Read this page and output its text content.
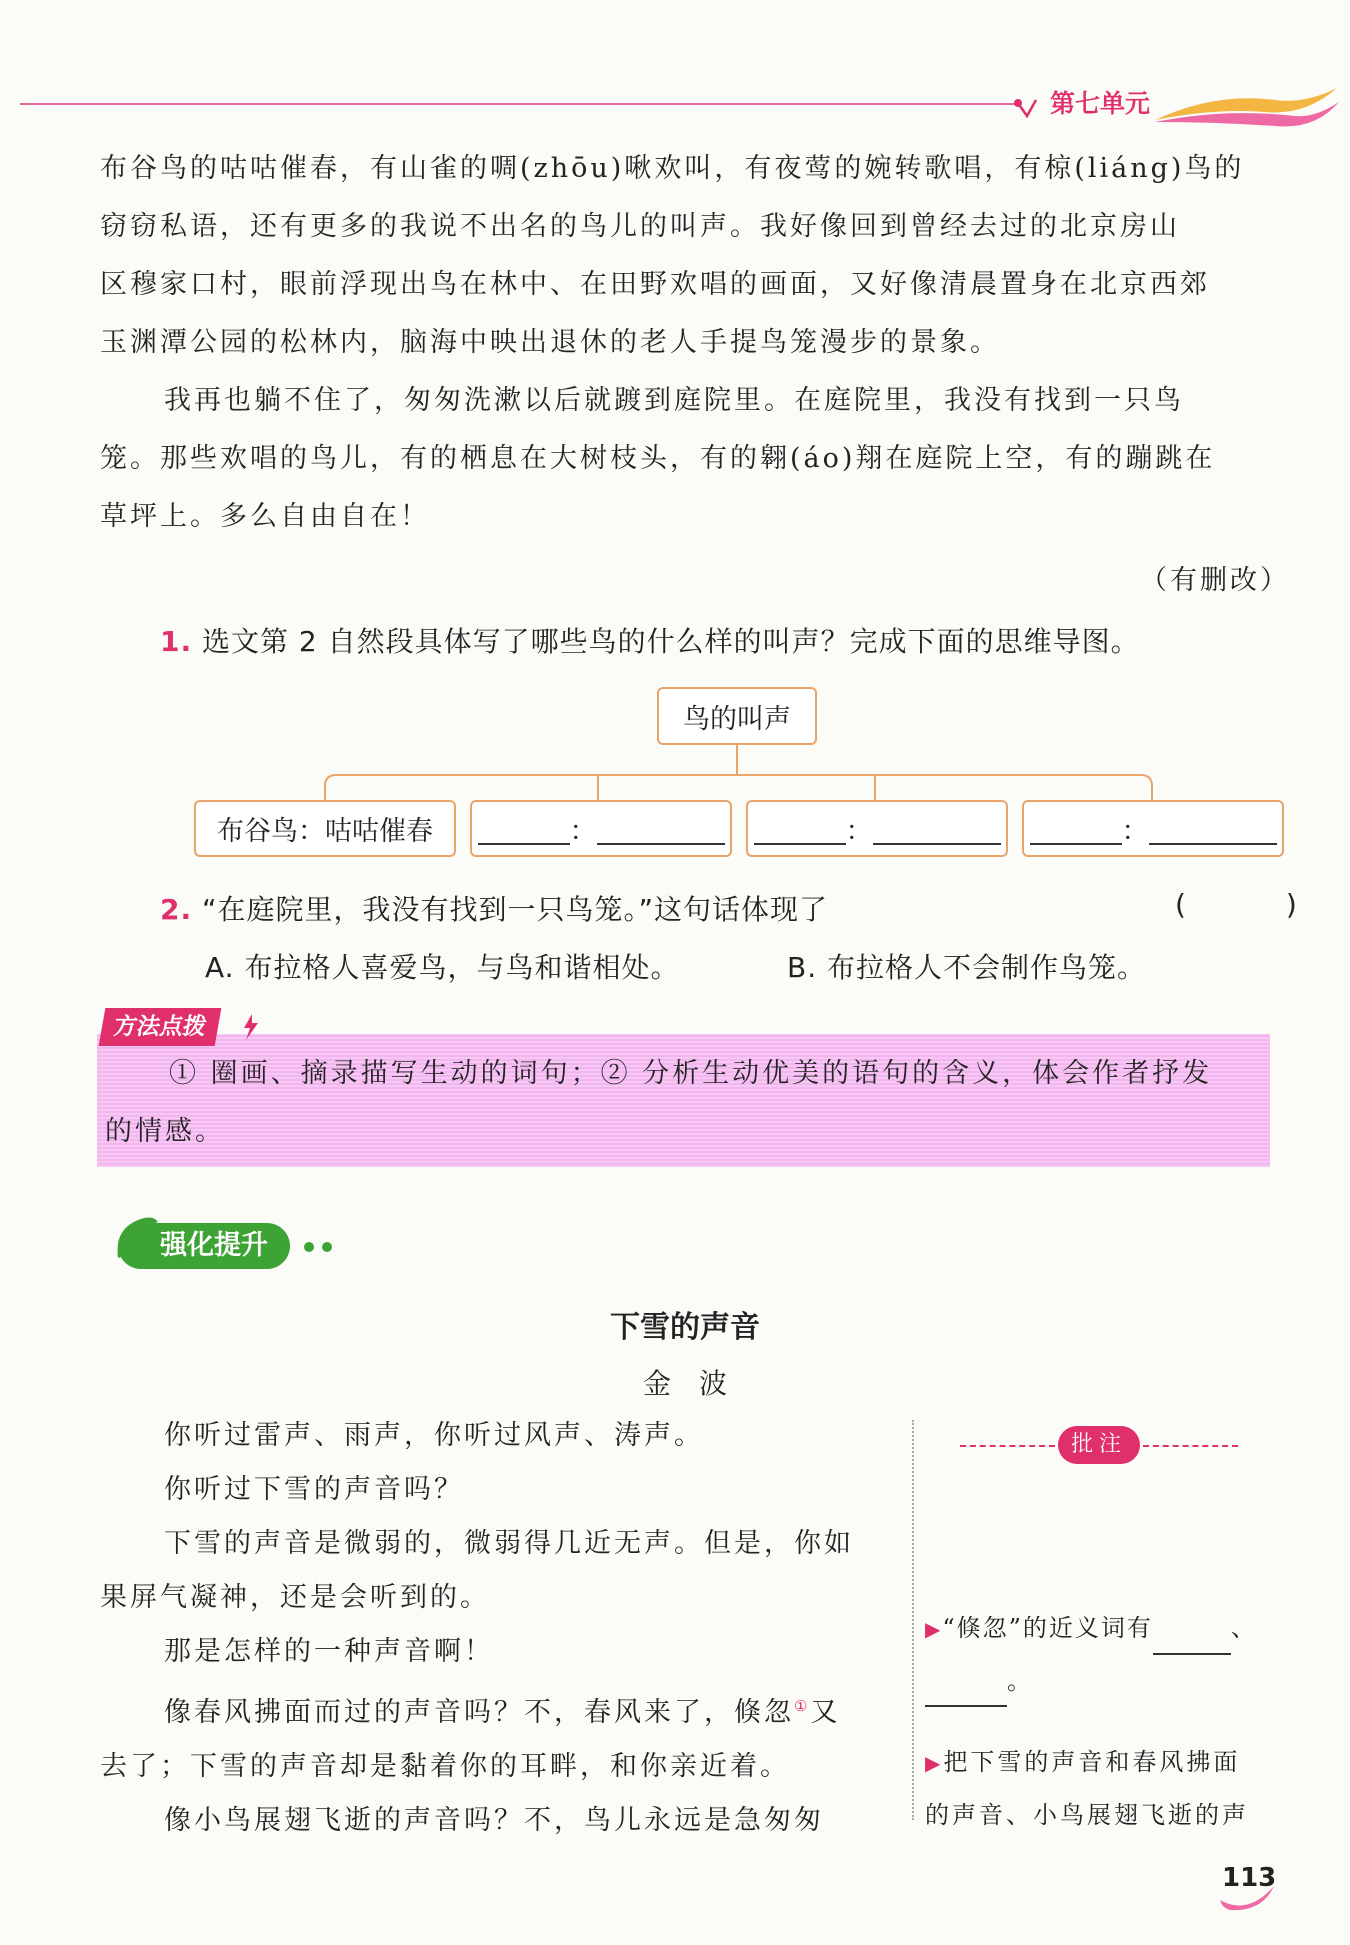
第七单元
布谷鸟的咕咕催春，有山雀的啁(zhōu)啾欢叫，有夜莺的婉转歌唱，有椋(liáng)鸟的
窃窃私语，还有更多的我说不出名的鸟儿的叫声。我好像回到曾经去过的北京房山
区穆家口村，眼前浮现出鸟在林中、在田野欢唱的画面，又好像清晨置身在北京西郊
玉渊潭公园的松林内，脑海中映出退休的老人手提鸟笼漫步的景象。
我再也躺不住了，匆匆洗漱以后就踱到庭院里。在庭院里，我没有找到一只鸟
笼。那些欢唱的鸟儿，有的栖息在大树枝头，有的翱(áo)翔在庭院上空，有的蹦跳在
草坪上。多么自由自在！
（有删改）
1. 选文第 2 自然段具体写了哪些鸟的什么样的叫声？完成下面的思维导图。
鸟的叫声
布谷鸟：咕咕催春	：	：	：
2. “在庭院里，我没有找到一只鸟笼。”这句话体现了	(          )
A. 布拉格人喜爱鸟，与鸟和谐相处。	B. 布拉格人不会制作鸟笼。
方法点拨
① 圈画、摘录描写生动的词句；② 分析生动优美的语句的含义，体会作者抒发
的情感。
强化提升
下雪的声音
金　波
你听过雷声、雨声，你听过风声、涛声。
你听过下雪的声音吗？
下雪的声音是微弱的，微弱得几近无声。但是，你如
果屏气凝神，还是会听到的。
那是怎样的一种声音啊！
像春风拂面而过的声音吗？不，春风来了，倏忽①又
去了；下雪的声音却是黏着你的耳畔，和你亲近着。
像小鸟展翅飞逝的声音吗？不，鸟儿永远是急匆匆
批注
▶“倏忽”的近义词有	、
。
▶把下雪的声音和春风拂面
的声音、小鸟展翅飞逝的声
113
